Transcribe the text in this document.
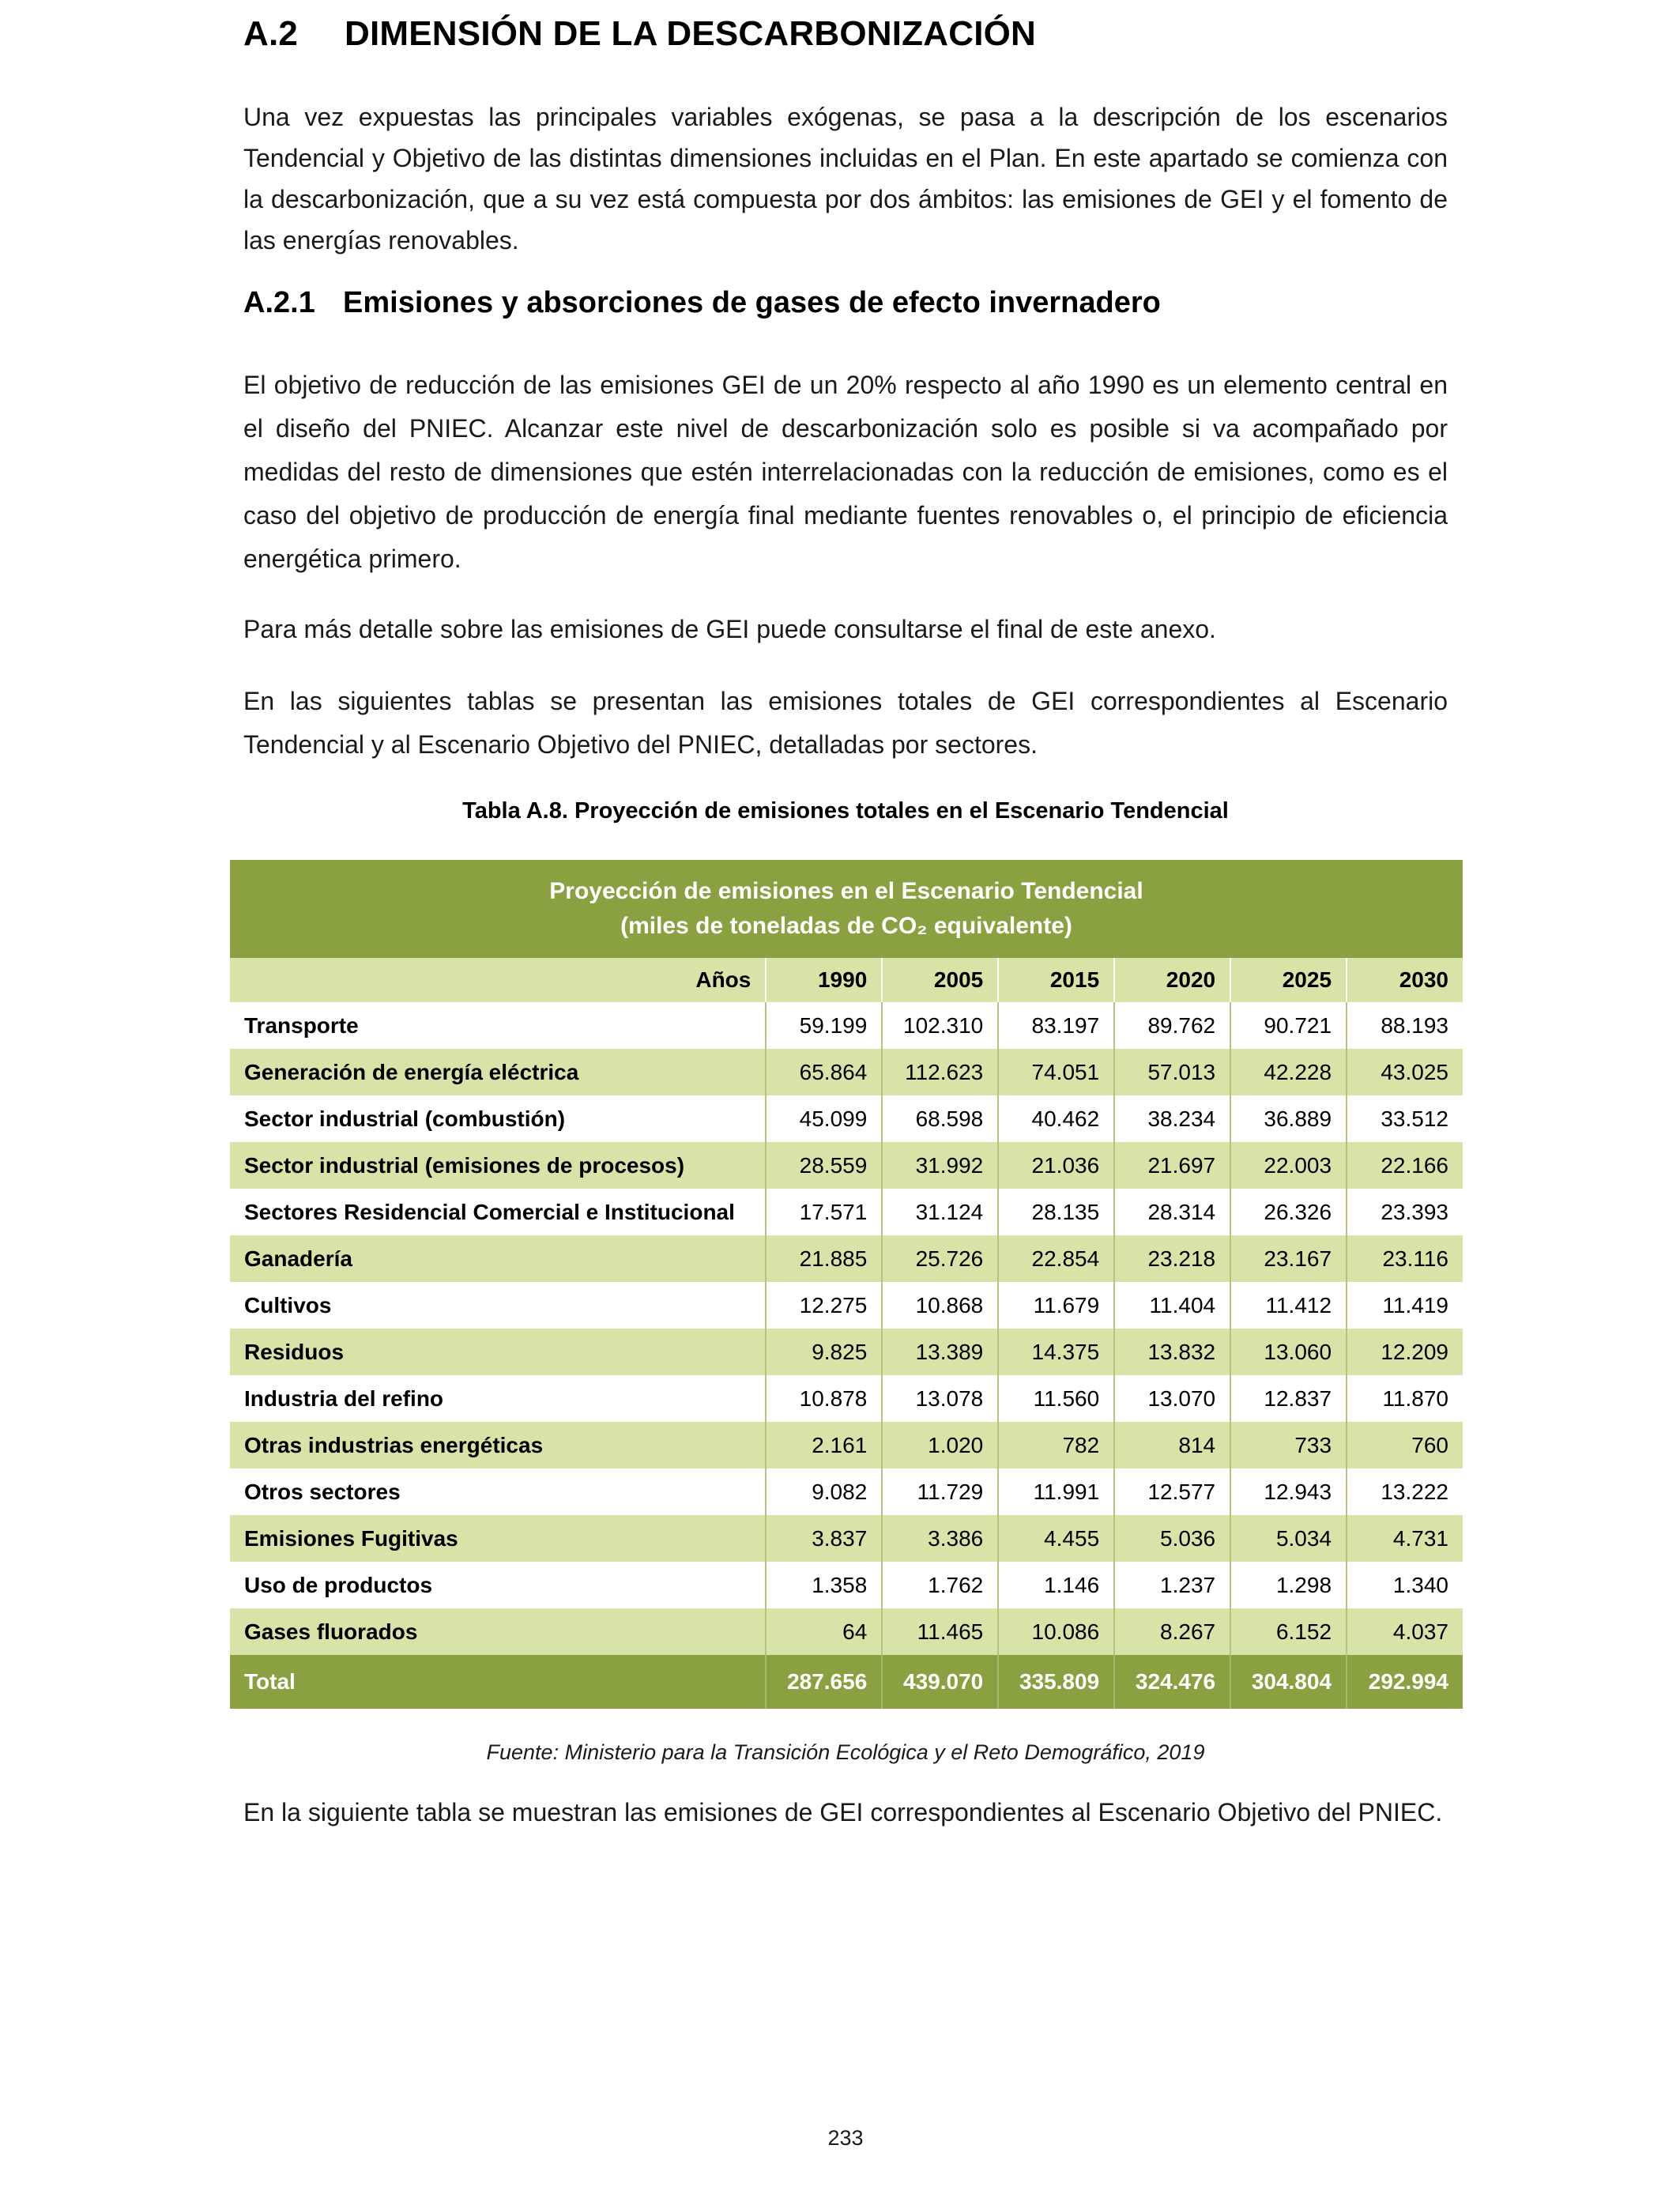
A.2 DIMENSIÓN DE LA DESCARBONIZACIÓN

Una vez expuestas las principales variables exógenas, se pasa a la descripción de los escenarios Tendencial y Objetivo de las distintas dimensiones incluidas en el Plan. En este apartado se comienza con la descarbonización, que a su vez está compuesta por dos ámbitos: las emisiones de GEI y el fomento de las energías renovables.

A.2.1 Emisiones y absorciones de gases de efecto invernadero

El objetivo de reducción de las emisiones GEI de un 20% respecto al año 1990 es un elemento central en el diseño del PNIEC. Alcanzar este nivel de descarbonización solo es posible si va acompañado por medidas del resto de dimensiones que estén interrelacionadas con la reducción de emisiones, como es el caso del objetivo de producción de energía final mediante fuentes renovables o, el principio de eficiencia energética primero.

Para más detalle sobre las emisiones de GEI puede consultarse el final de este anexo.

En las siguientes tablas se presentan las emisiones totales de GEI correspondientes al Escenario Tendencial y al Escenario Objetivo del PNIEC, detalladas por sectores.

Tabla A.8. Proyección de emisiones totales en el Escenario Tendencial

Proyección de emisiones en el Escenario Tendencial
(miles de toneladas de CO₂ equivalente)						

Años	1990	2005	2015	2020	2025	2030
Transporte	59.199	102.310	83.197	89.762	90.721	88.193
Generación de energía eléctrica	65.864	112.623	74.051	57.013	42.228	43.025
Sector industrial (combustión)	45.099	68.598	40.462	38.234	36.889	33.512
Sector industrial (emisiones de procesos)	28.559	31.992	21.036	21.697	22.003	22.166
Sectores Residencial Comercial e Institucional	17.571	31.124	28.135	28.314	26.326	23.393
Ganadería	21.885	25.726	22.854	23.218	23.167	23.116
Cultivos	12.275	10.868	11.679	11.404	11.412	11.419
Residuos	9.825	13.389	14.375	13.832	13.060	12.209
Industria del refino	10.878	13.078	11.560	13.070	12.837	11.870
Otras industrias energéticas	2.161	1.020	782	814	733	760
Otros sectores	9.082	11.729	11.991	12.577	12.943	13.222
Emisiones Fugitivas	3.837	3.386	4.455	5.036	5.034	4.731
Uso de productos	1.358	1.762	1.146	1.237	1.298	1.340
Gases fluorados	64	11.465	10.086	8.267	6.152	4.037
Total	287.656	439.070	335.809	324.476	304.804	292.994

Fuente: Ministerio para la Transición Ecológica y el Reto Demográfico, 2019

En la siguiente tabla se muestran las emisiones de GEI correspondientes al Escenario Objetivo del PNIEC.

233
